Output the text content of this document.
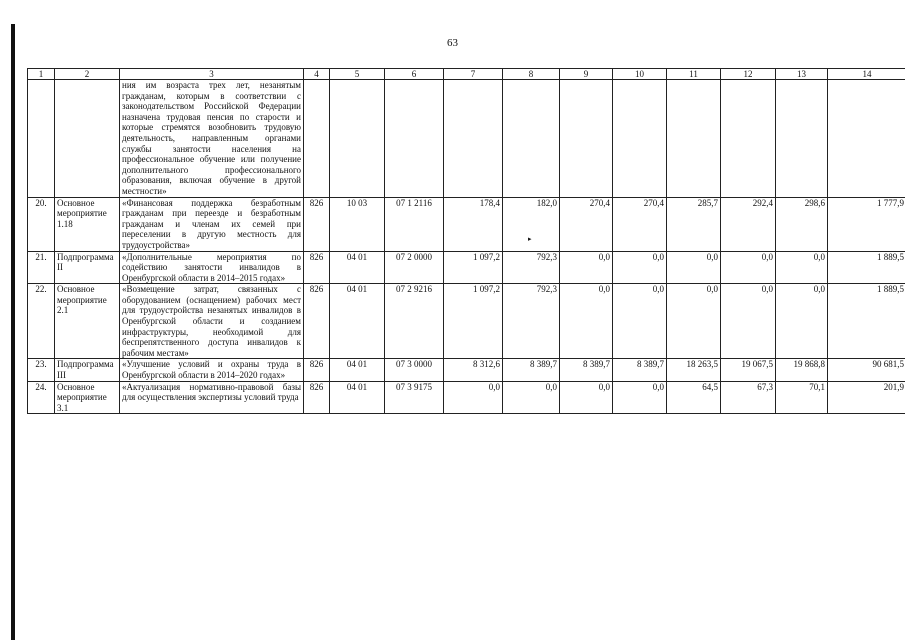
63
▸
1	2	3	4	5	6	7	8	9	10	11	12	13	14
		ния им возраста трех лет, незанятым гражданам, которым в соответствии с законодательством Российской Федерации назначена трудовая пенсия по старости и которые стремятся возобновить трудовую деятельность, направленным органами службы занятости населения на профессиональное обучение или получение дополнительного профессионального образования, включая обучение в другой местности»											
20.	Основное мероприятие 1.18	«Финансовая поддержка безработным гражданам при переезде и безработным гражданам и членам их семей при переселении в другую местность для трудоустройства»	826	10 03	07 1 2116	178,4	182,0	270,4	270,4	285,7	292,4	298,6	1 777,9
21.	Подпрограмма II	«Дополнительные мероприятия по содействию занятости инвалидов в Оренбургской области в 2014–2015 годах»	826	04 01	07 2 0000	1 097,2	792,3	0,0	0,0	0,0	0,0	0,0	1 889,5
22.	Основное мероприятие 2.1	«Возмещение затрат, связанных с оборудованием (оснащением) рабочих мест для трудоустройства незанятых инвалидов в Оренбургской области и созданием инфраструктуры, необходимой для беспрепятственного доступа инвалидов к рабочим местам»	826	04 01	07 2 9216	1 097,2	792,3	0,0	0,0	0,0	0,0	0,0	1 889,5
23.	Подпрограмма III	«Улучшение условий и охраны труда в Оренбургской области в 2014–2020 годах»	826	04 01	07 3 0000	8 312,6	8 389,7	8 389,7	8 389,7	18 263,5	19 067,5	19 868,8	90 681,5
24.	Основное мероприятие 3.1	«Актуализация нормативно-правовой базы для осуществления экспертизы условий труда	826	04 01	07 3 9175	0,0	0,0	0,0	0,0	64,5	67,3	70,1	201,9
